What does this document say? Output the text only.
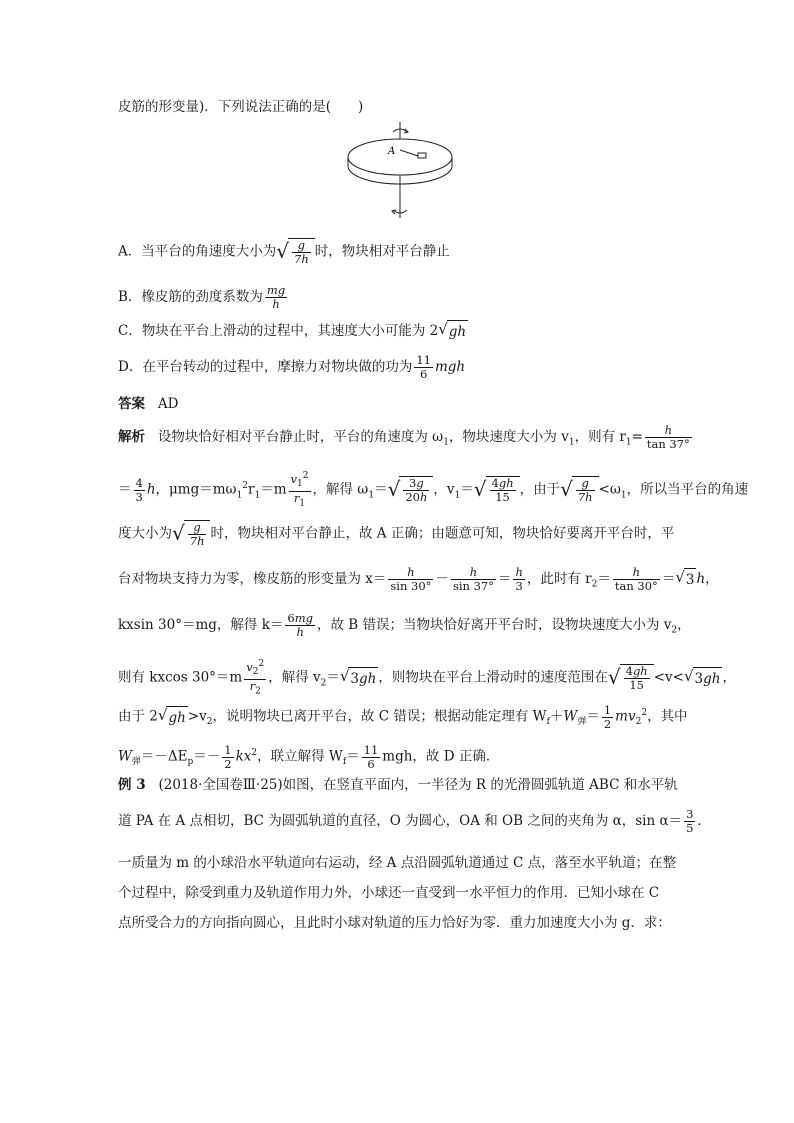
皮筋的形变量)．下列说法正确的是(　　)
A
A．当平台的角速度大小为 √ $\frac{g}{7h}$ 时，物块相对平台静止
B．橡皮筋的劲度系数为 $\frac{mg}{h}$
C．物块在平台上滑动的过程中，其速度大小可能为 2 √ gh
D．在平台转动的过程中，摩擦力对物块做的功为 $\frac{11}{6}$ mgh
答案 AD
解析 设物块恰好相对平台静止时，平台的角速度为 $\omega_1$，物块速度大小为 $v_1$，则有 $r_1= \frac{h}{\tan 37^\circ}$
＝ $\frac{4}{3}$ h，$\mu mg=m\omega_1^2r_1=m \frac{v_1^2}{r_1}$ ，解得 $\omega_1=$ √ $\frac{3g}{20h}$ ，$v_1=$ √ $\frac{4gh}{15}$ ，由于 √ $\frac{g}{7h} <\omega_1$，所以当平台的角速
度大小为 √ $\frac{g}{7h}$ 时，物块相对平台静止，故 A 正确；由题意可知，物块恰好要离开平台时，平
台对物块支持力为零，橡皮筋的形变量为 $x= \frac{h}{\sin 30^\circ} - \frac{h}{\sin 37^\circ} = \frac{h}{3}$ ，此时有 $r_2= \frac{h}{\tan 30^\circ}$ ＝ √ 3 h，
kxsin 30°＝mg，解得 $k= \frac{6mg}{h}$ ，故 B 错误；当物块恰好离开平台时，设物块速度大小为 $v_2$，
则有 kxcos $30^\circ=m \frac{v_2^2}{r_2}$ ，解得 $v_2=$ √ 3 gh ，则物块在平台上滑动时的速度范围在 √ $\frac{4gh}{15} <v<$ √ 3 gh ，
由于 2 √ gh $>v_2$，说明物块已离开平台，故 C 错误；根据动能定理有 $W_f+W_弹= \frac{1}{2} mv_2^2$，其中
$W_弹=-\Delta E_p=- \frac{1}{2} kx^2$，联立解得 $W_f= \frac{11}{6}$ mgh，故 D 正确．
例 3 (2018·全国卷Ⅲ·25)如图，在竖直平面内，一半径为 R 的光滑圆弧轨道 ABC 和水平轨
道 PA 在 A 点相切，BC 为圆弧轨道的直径，O 为圆心，OA 和 OB 之间的夹角为 α，$\sin \alpha= \frac{3}{5}$ ．
一质量为 m 的小球沿水平轨道向右运动，经 A 点沿圆弧轨道通过 C 点，落至水平轨道；在整
个过程中，除受到重力及轨道作用力外，小球还一直受到一水平恒力的作用．已知小球在 C
点所受合力的方向指向圆心，且此时小球对轨道的压力恰好为零．重力加速度大小为 g．求：
